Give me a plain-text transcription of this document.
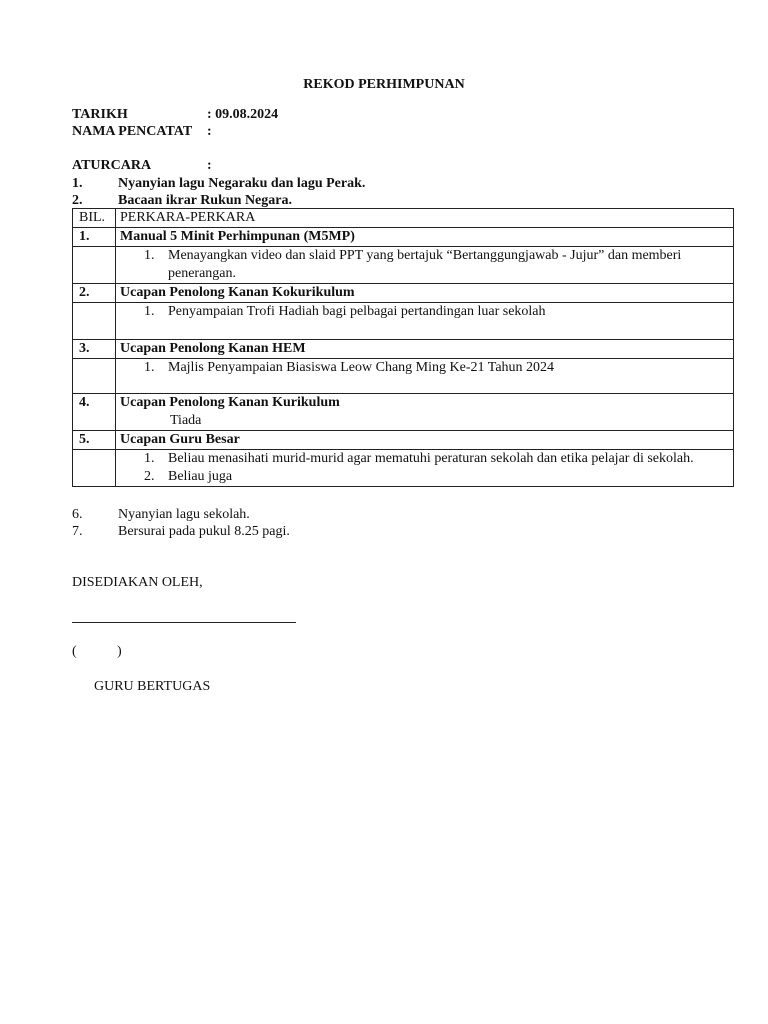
REKOD PERHIMPUNAN
TARIKH	: 09.08.2024
NAMA PENCATAT :
ATURCARA	:
1.	Nyanyian lagu Negaraku dan lagu Perak.
2.	Bacaan ikrar Rukun Negara.
BIL.	PERKARA-PERKARA
1.	Manual 5 Minit Perhimpunan (M5MP)

	1. Menayangkan video dan slaid PPT yang bertajuk “Bertanggungjawab - Jujur” dan memberi penerangan.

2.	Ucapan Penolong Kanan Kokurikulum

	1. Penyampaian Trofi Hadiah bagi pelbagai pertandingan luar sekolah

3.	Ucapan Penolong Kanan HEM

	1. Majlis Penyampaian Biasiswa Leow Chang Ming Ke-21 Tahun 2024

4.	Ucapan Penolong Kanan Kurikulum
Tiada

5.	Ucapan Guru Besar

	1. Beliau menasihati murid-murid agar mematuhi peraturan sekolah dan etika pelajar di sekolah.
2. Beliau juga
6.	Nyanyian lagu sekolah.
7.	Bersurai pada pukul 8.25 pagi.
DISEDIAKAN OLEH,
(	)
GURU BERTUGAS
